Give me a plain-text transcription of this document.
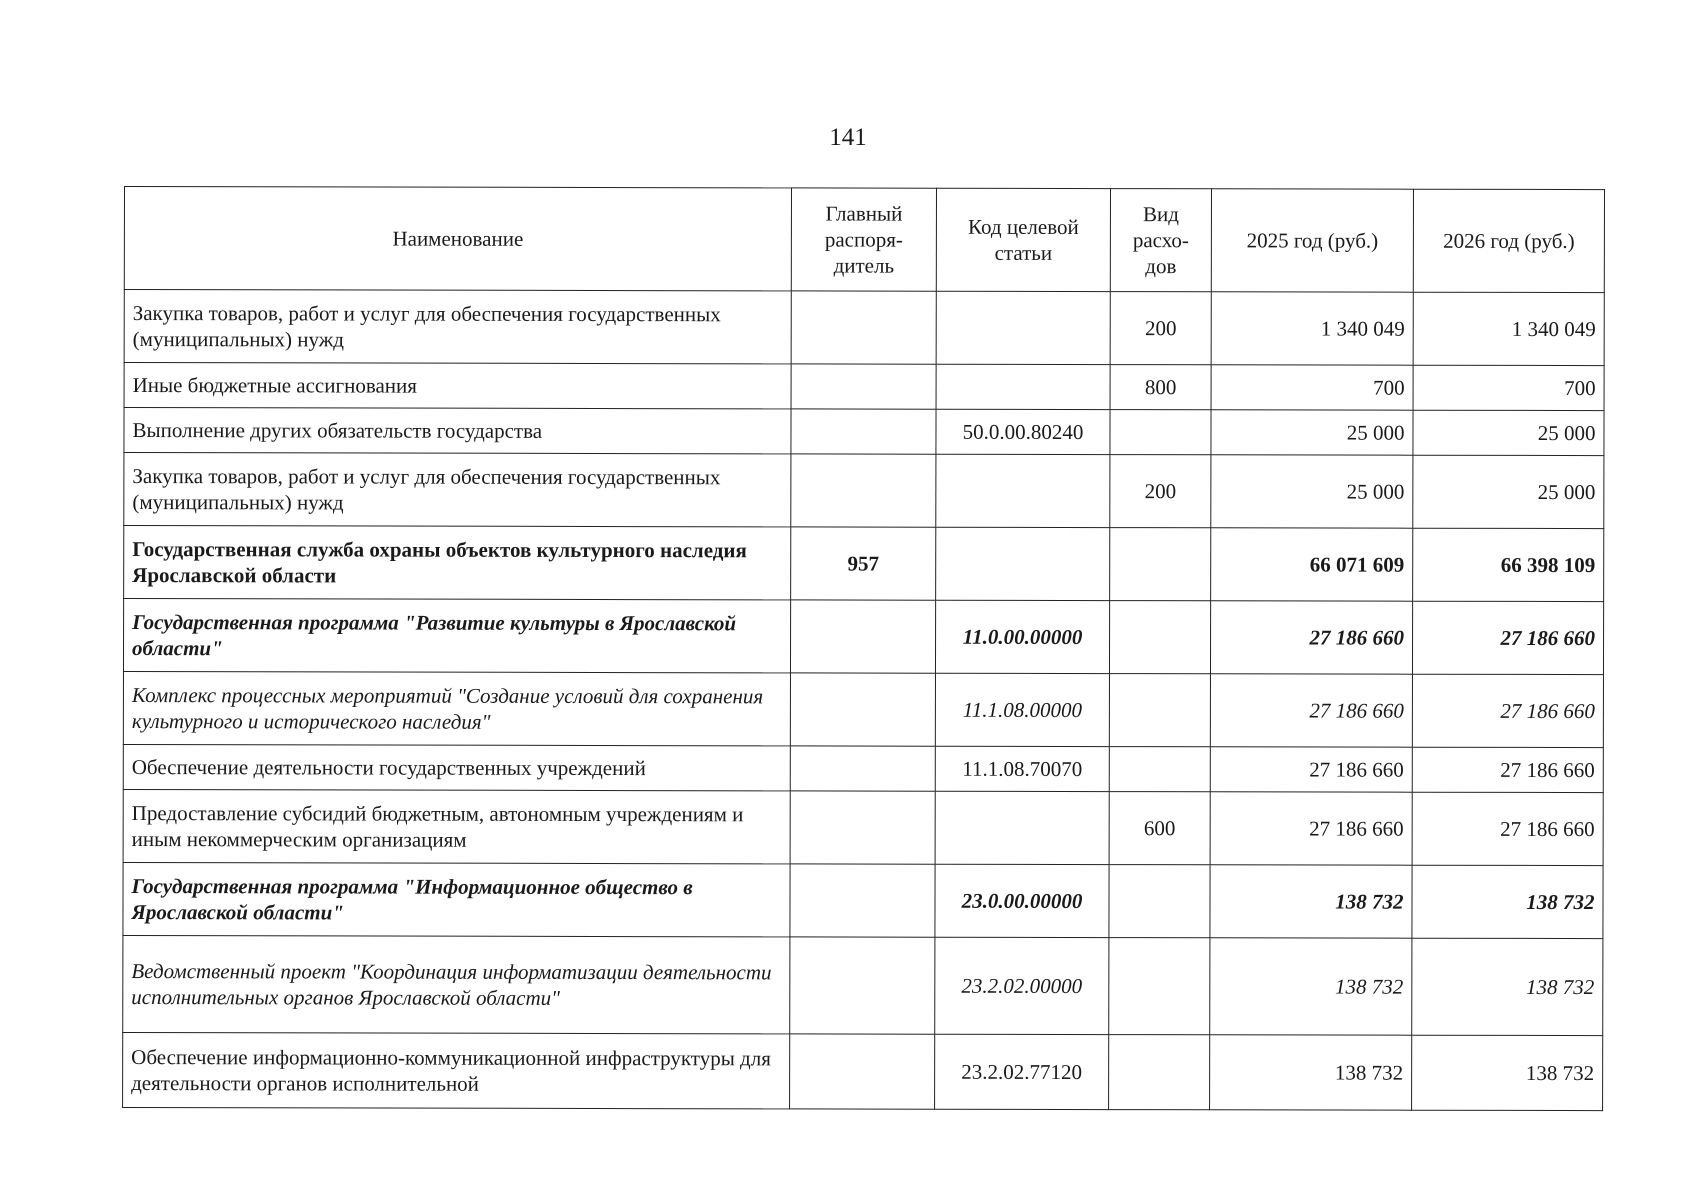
141
Наименование	Главный распоря-дитель	Код целевой статьи	Вид расхо-дов	2025 год (руб.)	2026 год (руб.)
Закупка товаров, работ и услуг для обеспечения государственных (муниципальных) нужд			200	1 340 049	1 340 049
Иные бюджетные ассигнования			800	700	700
Выполнение других обязательств государства		50.0.00.80240		25 000	25 000
Закупка товаров, работ и услуг для обеспечения государственных (муниципальных) нужд			200	25 000	25 000
Государственная служба охраны объектов культурного наследия Ярославской области	957			66 071 609	66 398 109
Государственная программа "Развитие культуры в Ярославской области"		11.0.00.00000		27 186 660	27 186 660
Комплекс процессных мероприятий "Создание условий для сохранения культурного и исторического наследия"		11.1.08.00000		27 186 660	27 186 660
Обеспечение деятельности государственных учреждений		11.1.08.70070		27 186 660	27 186 660
Предоставление субсидий бюджетным, автономным учреждениям и иным некоммерческим организациям			600	27 186 660	27 186 660
Государственная программа "Информационное общество в Ярославской области"		23.0.00.00000		138 732	138 732
Ведомственный проект "Координация информатизации деятельности исполнительных органов Ярославской области"		23.2.02.00000		138 732	138 732
Обеспечение информационно-коммуникационной инфраструктуры для деятельности органов исполнительной		23.2.02.77120		138 732	138 732
